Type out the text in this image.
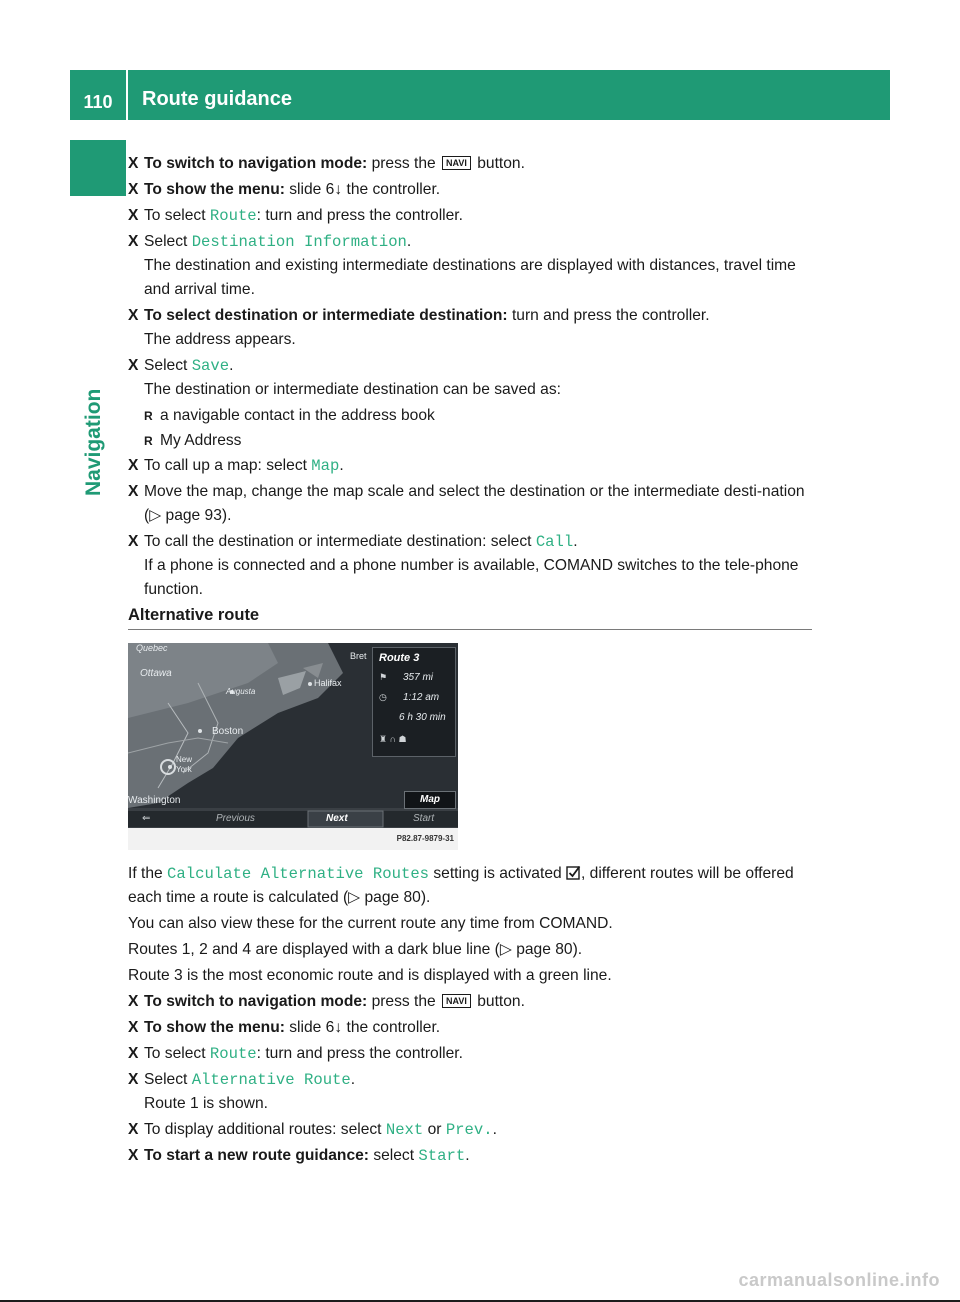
110	Route guidance
Navigation
X To switch to navigation mode: press the NAVI button.
X To show the menu: slide 6↓ the controller.
X To select Route: turn and press the controller.
X Select Destination Information.
The destination and existing intermediate destinations are displayed with distances, travel time and arrival time.
X To select destination or intermediate destination: turn and press the controller.
The address appears.
X Select Save.
The destination or intermediate destination can be saved as:
R a navigable contact in the address book
R My Address
X To call up a map: select Map.
X Move the map, change the map scale and select the destination or the intermediate desti-nation (▷ page 93).
X To call the destination or intermediate destination: select Call.
If a phone is connected and a phone number is available, COMAND switches to the tele-phone function.
Alternative route
Quebec
Ottawa
Augusta
Boston
New York
Washington
Halifax
Bret Route 3
⚑ 357 mi
◷ 1:12 am
6 h 30 min
♜ ∩ ☗
Map
⇐	Previous	Next	Start
P82.87-9879-31
If the Calculate Alternative Routes setting is activated , different routes will be offered each time a route is calculated (▷ page 80).
You can also view these for the current route any time from COMAND.
Routes 1, 2 and 4 are displayed with a dark blue line (▷ page 80).
Route 3 is the most economic route and is displayed with a green line.
X To switch to navigation mode: press the NAVI button.
X To show the menu: slide 6↓ the controller.
X To select Route: turn and press the controller.
X Select Alternative Route.
Route 1 is shown.
X To display additional routes: select Next or Prev..
X To start a new route guidance: select Start.
carmanualsonline.info
